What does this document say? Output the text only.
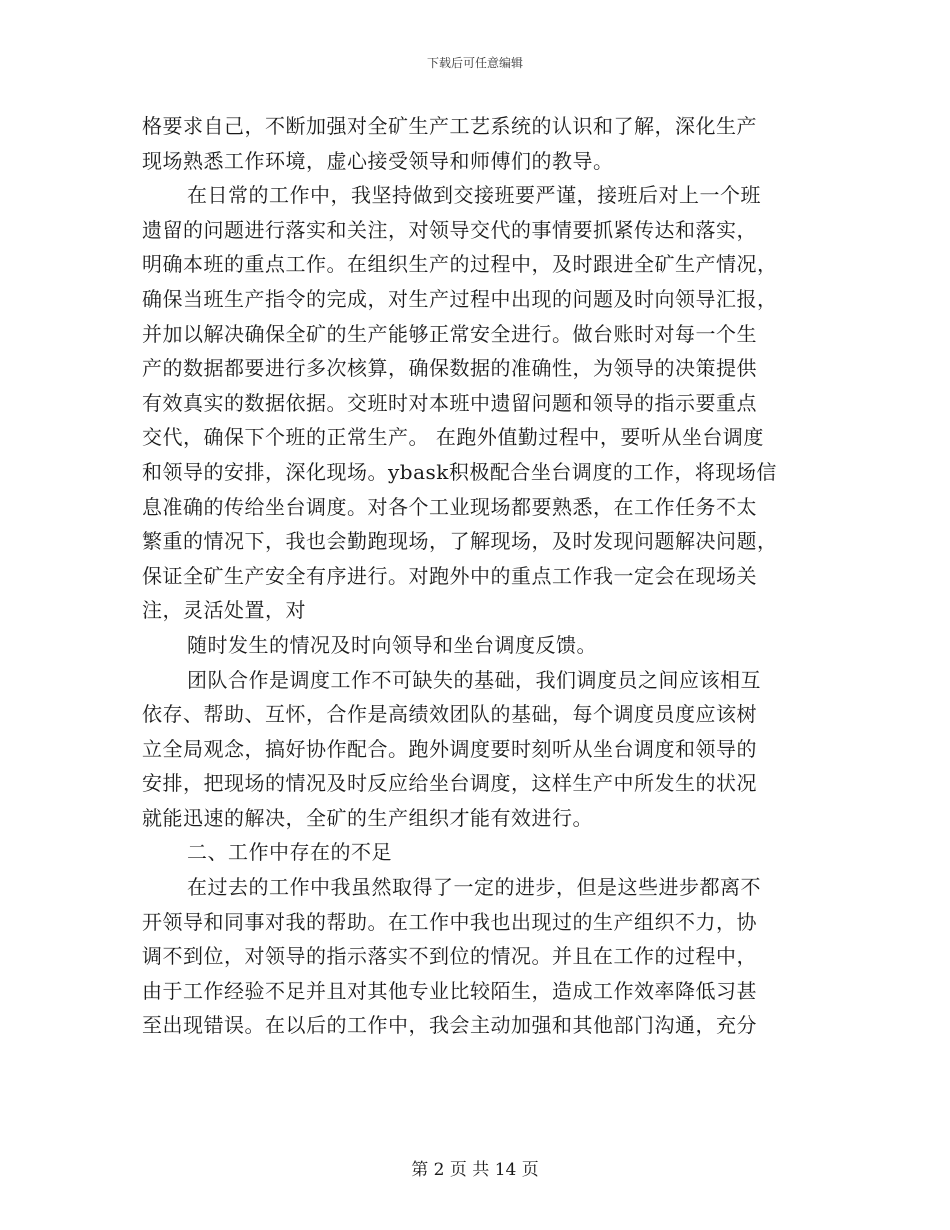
下载后可任意编辑

格要求自己，不断加强对全矿生产工艺系统的认识和了解，深化生产
现场熟悉工作环境，虚心接受领导和师傅们的教导。

在日常的工作中，我坚持做到交接班要严谨，接班后对上一个班
遗留的问题进行落实和关注，对领导交代的事情要抓紧传达和落实，
明确本班的重点工作。在组织生产的过程中，及时跟进全矿生产情况，
确保当班生产指令的完成，对生产过程中出现的问题及时向领导汇报，
并加以解决确保全矿的生产能够正常安全进行。做台账时对每一个生
产的数据都要进行多次核算，确保数据的准确性，为领导的决策提供
有效真实的数据依据。交班时对本班中遗留问题和领导的指示要重点
交代，确保下个班的正常生产。 在跑外值勤过程中，要听从坐台调度
和领导的安排，深化现场。ybask积极配合坐台调度的工作，将现场信
息准确的传给坐台调度。对各个工业现场都要熟悉，在工作任务不太
繁重的情况下，我也会勤跑现场，了解现场，及时发现问题解决问题，
保证全矿生产安全有序进行。对跑外中的重点工作我一定会在现场关
注，灵活处置，对

随时发生的情况及时向领导和坐台调度反馈。

团队合作是调度工作不可缺失的基础，我们调度员之间应该相互
依存、帮助、互怀，合作是高绩效团队的基础，每个调度员度应该树
立全局观念，搞好协作配合。跑外调度要时刻听从坐台调度和领导的
安排，把现场的情况及时反应给坐台调度，这样生产中所发生的状况
就能迅速的解决，全矿的生产组织才能有效进行。

二、工作中存在的不足

在过去的工作中我虽然取得了一定的进步，但是这些进步都离不
开领导和同事对我的帮助。在工作中我也出现过的生产组织不力，协
调不到位，对领导的指示落实不到位的情况。并且在工作的过程中，
由于工作经验不足并且对其他专业比较陌生，造成工作效率降低习甚
至出现错误。在以后的工作中，我会主动加强和其他部门沟通，充分

第 2 页 共 14 页
